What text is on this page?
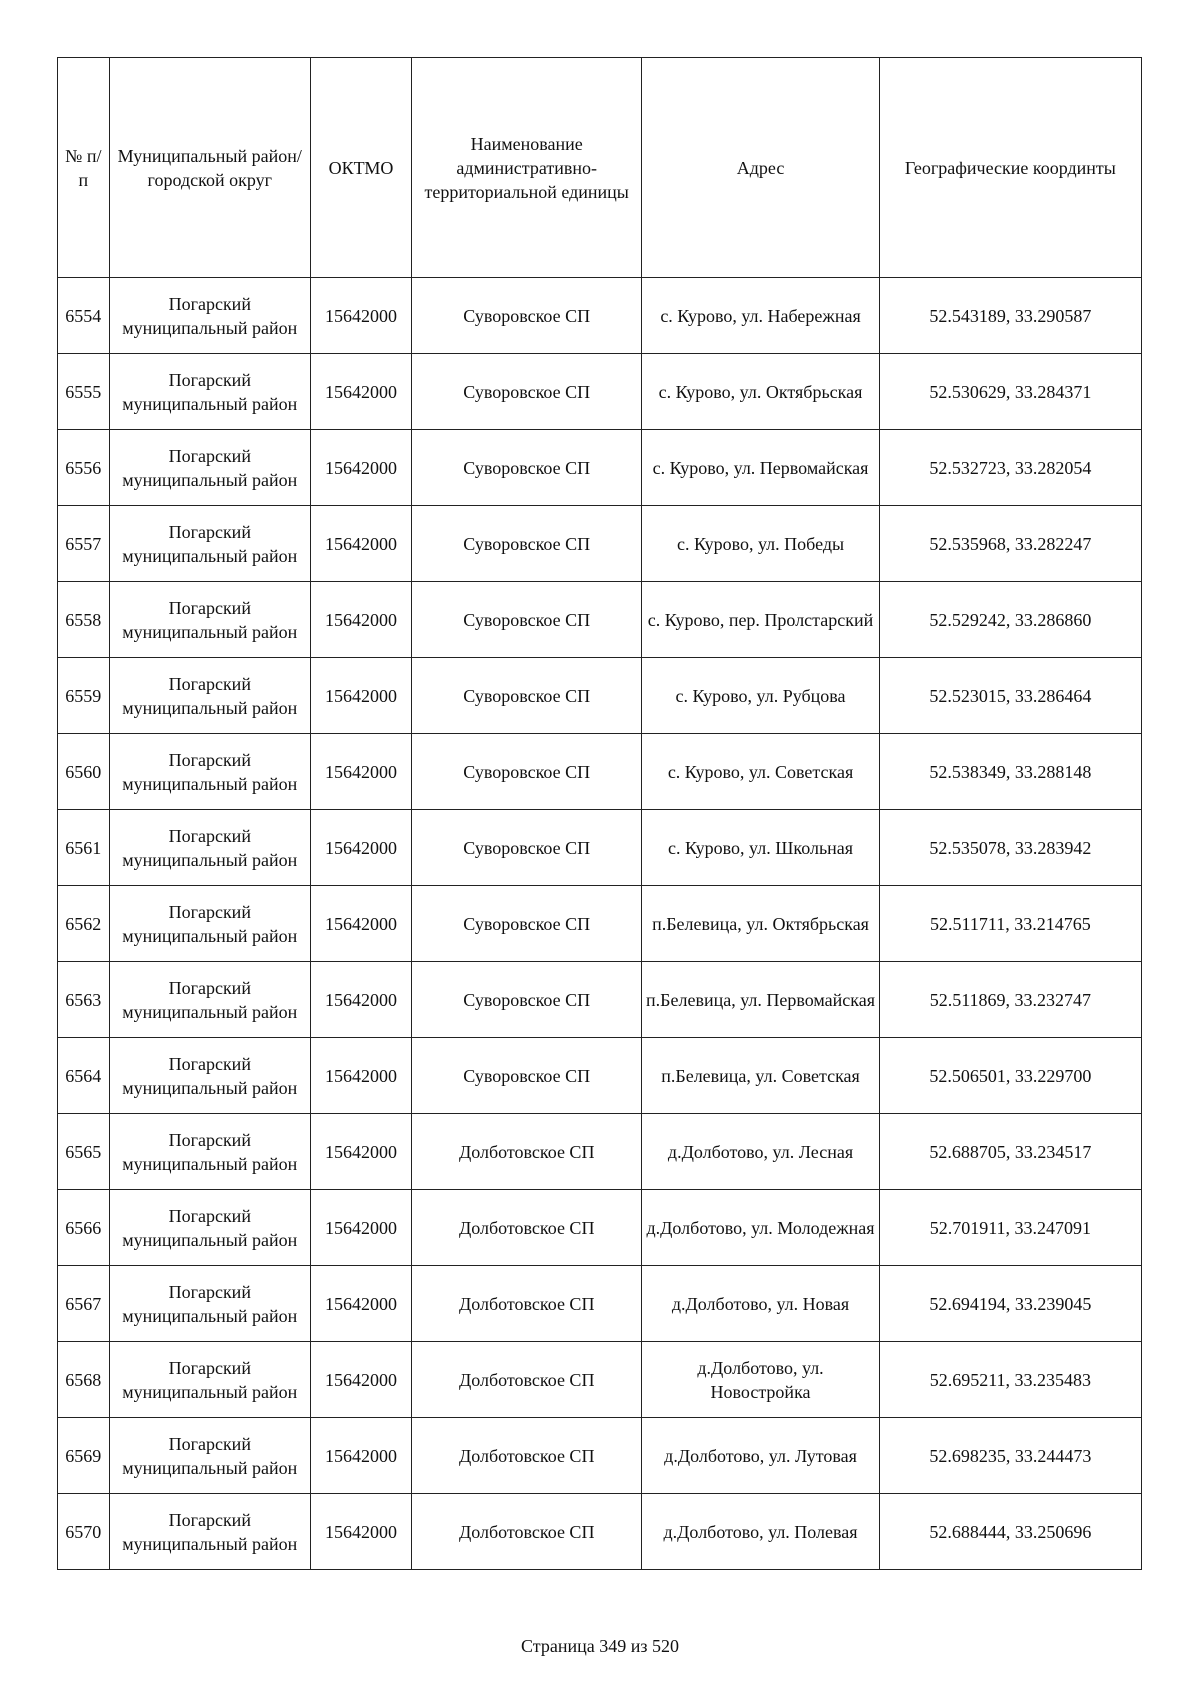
№ п/п	Муниципальный район/городской округ	ОКТМО	Наименование административно-территориальной единицы	Адрес	Географические координты
6554	Погарский муниципальный район	15642000	Суворовское СП	с. Курово, ул. Набережная	52.543189, 33.290587
6555	Погарский муниципальный район	15642000	Суворовское СП	с. Курово, ул. Октябрьская	52.530629, 33.284371
6556	Погарский муниципальный район	15642000	Суворовское СП	с. Курово, ул. Первомайская	52.532723, 33.282054
6557	Погарский муниципальный район	15642000	Суворовское СП	с. Курово, ул. Победы	52.535968, 33.282247
6558	Погарский муниципальный район	15642000	Суворовское СП	с. Курово, пер. Пролстарский	52.529242, 33.286860
6559	Погарский муниципальный район	15642000	Суворовское СП	с. Курово, ул. Рубцова	52.523015, 33.286464
6560	Погарский муниципальный район	15642000	Суворовское СП	с. Курово, ул. Советская	52.538349, 33.288148
6561	Погарский муниципальный район	15642000	Суворовское СП	с. Курово, ул. Школьная	52.535078, 33.283942
6562	Погарский муниципальный район	15642000	Суворовское СП	п.Белевица, ул. Октябрьская	52.511711, 33.214765
6563	Погарский муниципальный район	15642000	Суворовское СП	п.Белевица, ул. Первомайская	52.511869, 33.232747
6564	Погарский муниципальный район	15642000	Суворовское СП	п.Белевица, ул. Советская	52.506501, 33.229700
6565	Погарский муниципальный район	15642000	Долботовское СП	д.Долботово, ул. Лесная	52.688705, 33.234517
6566	Погарский муниципальный район	15642000	Долботовское СП	д.Долботово, ул. Молодежная	52.701911, 33.247091
6567	Погарский муниципальный район	15642000	Долботовское СП	д.Долботово, ул. Новая	52.694194, 33.239045
6568	Погарский муниципальный район	15642000	Долботовское СП	д.Долботово, ул. Новостройка	52.695211, 33.235483
6569	Погарский муниципальный район	15642000	Долботовское СП	д.Долботово, ул. Лутовая	52.698235, 33.244473
6570	Погарский муниципальный район	15642000	Долботовское СП	д.Долботово, ул. Полевая	52.688444, 33.250696
Страница 349 из 520
